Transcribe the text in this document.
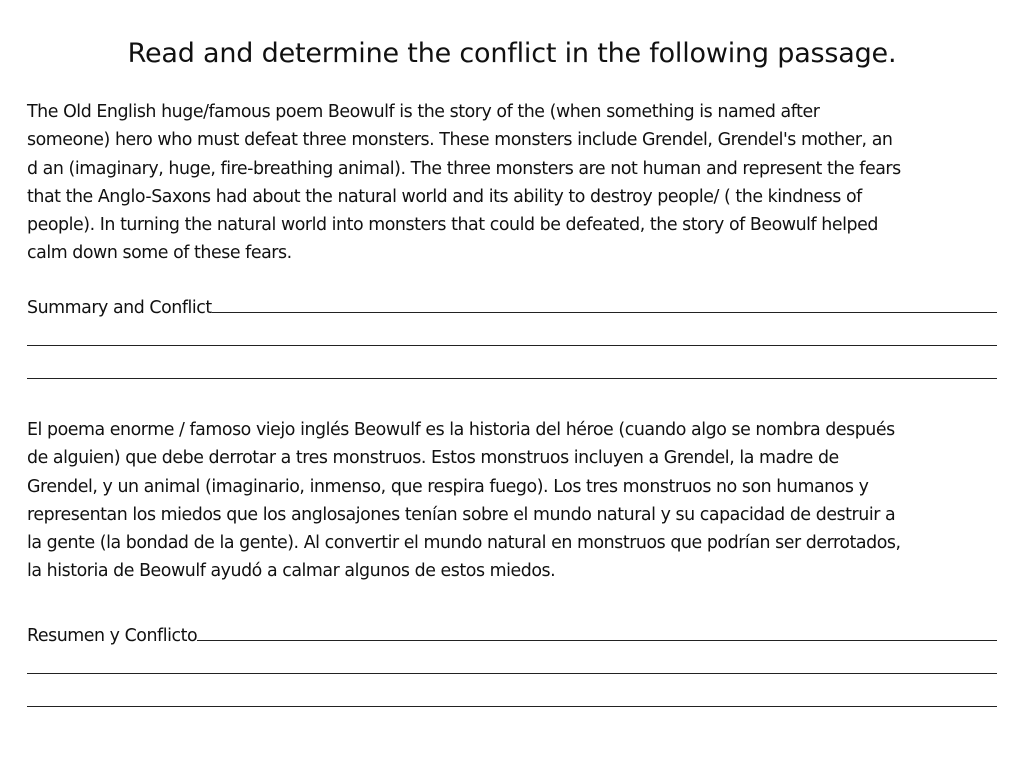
Read and determine the conflict in the following passage.
The Old English huge/famous poem Beowulf is the story of the (when something is named after
someone) hero who must defeat three monsters. These monsters include Grendel, Grendel's mother, an
d an (imaginary, huge, fire-breathing animal). The three monsters are not human and represent the fears
that the Anglo-Saxons had about the natural world and its ability to destroy people/ ( the kindness of
people). In turning the natural world into monsters that could be defeated, the story of Beowulf helped
calm down some of these fears.
Summary and Conflict
El poema enorme / famoso viejo inglés Beowulf es la historia del héroe (cuando algo se nombra después
de alguien) que debe derrotar a tres monstruos. Estos monstruos incluyen a Grendel, la madre de
Grendel, y un animal (imaginario, inmenso, que respira fuego). Los tres monstruos no son humanos y
representan los miedos que los anglosajones tenían sobre el mundo natural y su capacidad de destruir a
la gente (la bondad de la gente). Al convertir el mundo natural en monstruos que podrían ser derrotados,
la historia de Beowulf ayudó a calmar algunos de estos miedos.
Resumen y Conflicto
